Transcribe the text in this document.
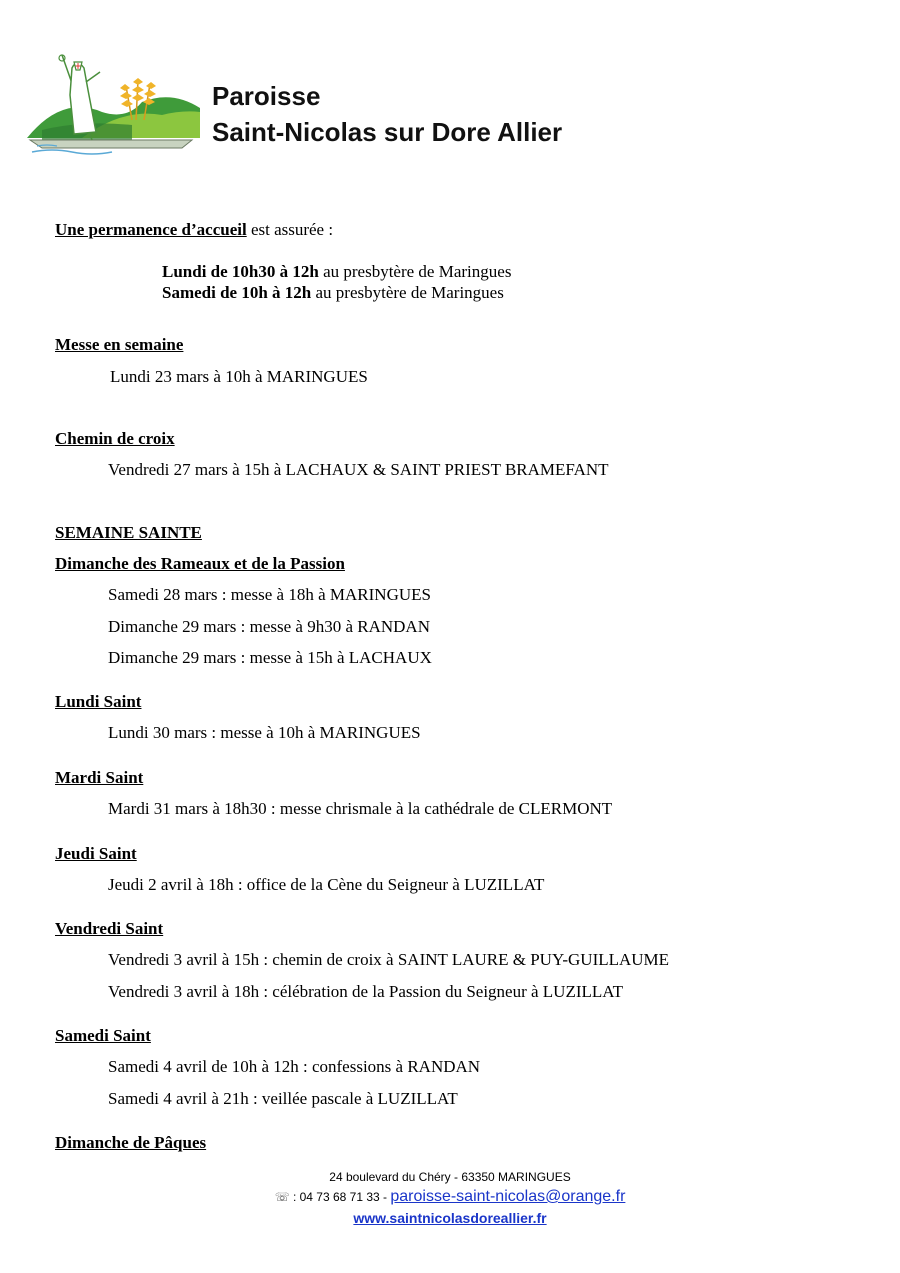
Paroisse
Saint-Nicolas sur Dore Allier
Une permanence d’accueil est assurée :
Lundi de 10h30 à 12h au presbytère de Maringues
Samedi de 10h à 12h au presbytère de Maringues
Messe en semaine
Lundi 23 mars à 10h à MARINGUES
Chemin de croix
Vendredi 27 mars à 15h à LACHAUX & SAINT PRIEST BRAMEFANT
SEMAINE SAINTE
Dimanche des Rameaux et de la Passion
Samedi 28 mars : messe à 18h à MARINGUES
Dimanche 29 mars : messe à 9h30 à RANDAN
Dimanche 29 mars : messe à 15h à LACHAUX
Lundi Saint
Lundi 30 mars : messe à 10h à MARINGUES
Mardi Saint
Mardi 31 mars à 18h30 : messe chrismale à la cathédrale de CLERMONT
Jeudi Saint
Jeudi 2 avril à 18h : office de la Cène du Seigneur à LUZILLAT
Vendredi Saint
Vendredi 3 avril à 15h : chemin de croix à SAINT LAURE & PUY-GUILLAUME
Vendredi 3 avril à 18h : célébration de la Passion du Seigneur à LUZILLAT
Samedi Saint
Samedi 4 avril de 10h à 12h : confessions à RANDAN
Samedi 4 avril à 21h : veillée pascale à LUZILLAT
Dimanche de Pâques
24 boulevard du Chéry - 63350 MARINGUES
☏ : 04 73 68 71 33 - paroisse-saint-nicolas@orange.fr
www.saintnicolasdoreallier.fr
